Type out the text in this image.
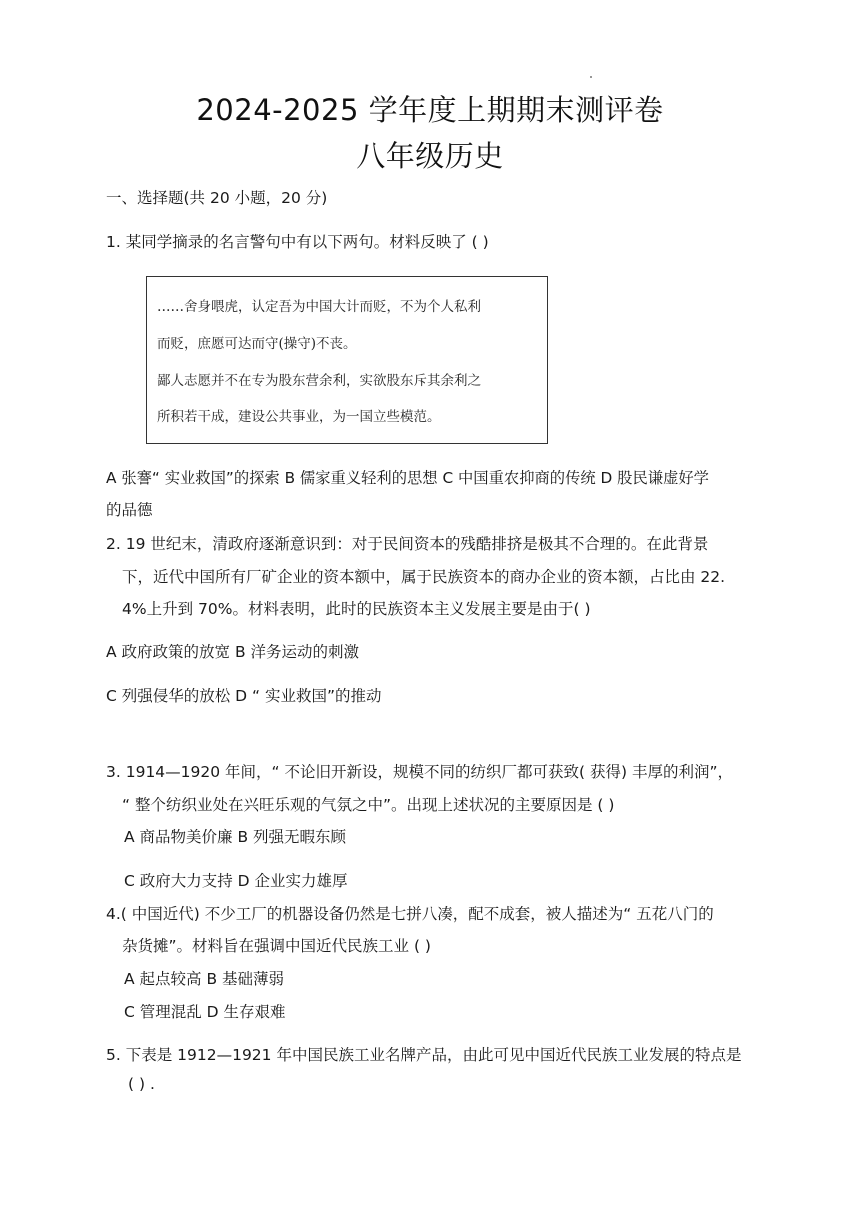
2024-2025 学年度上期期末测评卷
八年级历史
一、选择题(共 20 小题，20 分)
1. 某同学摘录的名言警句中有以下两句。材料反映了 ( )
……舍身喂虎，认定吾为中国大计而贬，不为个人私利
而贬，庶愿可达而守(操守)不丧。
鄙人志愿并不在专为股东营余利，实欲股东斥其余利之
所积若干成，建设公共事业，为一国立些模范。
A 张謇“ 实业救国”的探索 B 儒家重义轻利的思想 C 中国重农抑商的传统 D 股民谦虚好学
的品德
2. 19 世纪末，清政府逐渐意识到：对于民间资本的残酷排挤是极其不合理的。在此背景
下，近代中国所有厂矿企业的资本额中，属于民族资本的商办企业的资本额，占比由 22.
4%上升到 70%。材料表明，此时的民族资本主义发展主要是由于( )
A 政府政策的放宽 B 洋务运动的刺激
C 列强侵华的放松 D “ 实业救国”的推动
3. 1914—1920 年间，“ 不论旧开新设，规模不同的纺织厂都可获致( 获得) 丰厚的利润”，
“ 整个纺织业处在兴旺乐观的气氛之中”。出现上述状况的主要原因是 ( )
A 商品物美价廉 B 列强无暇东顾
C 政府大力支持 D 企业实力雄厚
4.( 中国近代) 不少工厂的机器设备仍然是七拼八凑，配不成套，被人描述为“ 五花八门的
杂货摊”。材料旨在强调中国近代民族工业 ( )
A 起点较高 B 基础薄弱
C 管理混乱 D 生存艰难
5. 下表是 1912—1921 年中国民族工业名牌产品，由此可见中国近代民族工业发展的特点是
( ) .
